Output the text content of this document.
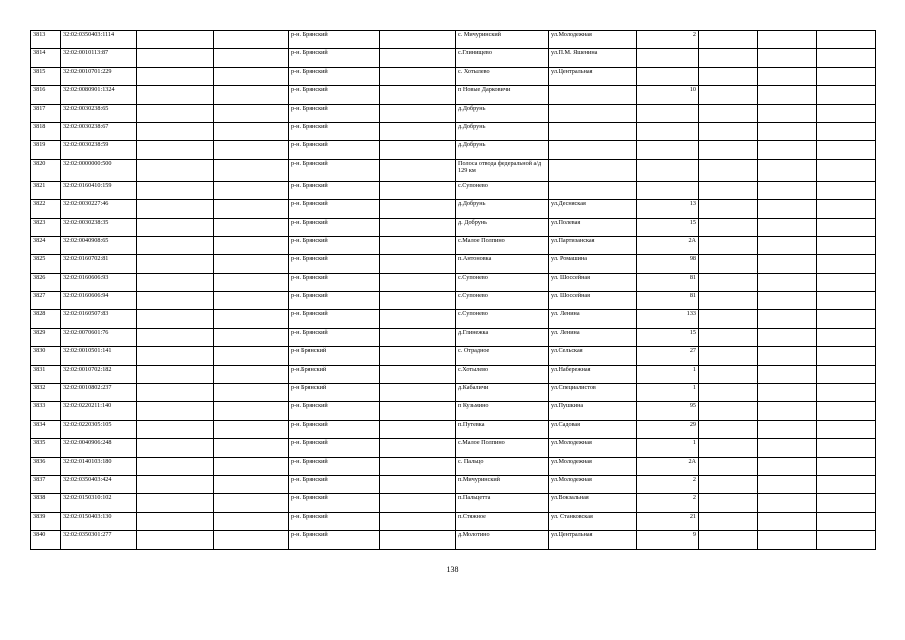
3813	32:02:0350403:1114			р-н. Брянский		с. Мичуринский	ул.Молодежная	2			
3814	32:02:0010113:87			р-н. Брянский		с.Глинищево	ул.П.М. Яшенина				
3815	32:02:0010701:229			р-н. Брянский		с. Хотылево	ул.Центральная				
3816	32:02:0080901:1324			р-н. Брянский		п Новые Дарковичи		10			
3817	32:02:0030238:65			р-н. Брянский		д.Добрунь					
3818	32:02:0030238:67			р-н. Брянский		д.Добрунь					
3819	32:02:0030238:59			р-н. Брянский		д.Добрунь					
3820	32:02:0000000:500			р-н. Брянский		Полоса отвода федеральной а/д 129 км					
3821	32:02:0160410:159			р-н. Брянский		с.Супонево					
3822	32:02:0030227:46			р-н. Брянский		д.Добрунь	ул.Десняская	13			
3823	32:02:0030238:35			р-н. Брянский		д. Добрунь	ул.Полевая	15			
3824	32:02:0040908:65			р-н. Брянский		с.Малое Полпино	ул.Партизанская	2А			
3825	32:02:0160702:81			р-н. Брянский		п.Антоновка	ул. Ромашина	98			
3826	32:02:0160606:93			р-н. Брянский		с.Супонево	ул. Шоссейная	81			
3827	32:02:0160606:94			р-н. Брянский		с.Супонево	ул. Шоссейная	81			
3828	32:02:0160507:83			р-н. Брянский		с.Супонево	ул. Ленина	133			
3829	32:02:0070601:76			р-н. Брянский		д.Глинежка	ул. Ленина	15			
3830	32:02:0010501:141			р-н Брянский		с. Отрадное	ул.Сельская	27			
3831	32:02:0010702:182			р-н.Брянский		с.Хотылево	ул.Набережная	1			
3832	32:02:0010802:237			р-н Брянский		д.Кабаличи	ул.Специалистов	1			
3833	32:02:0220211:140			р-н. Брянский		п Кузьмино	ул.Пушкина	95			
3834	32:02:0220305:105			р-н. Брянский		п.Путевка	ул.Садовая	29			
3835	32:02:0040906:248			р-н. Брянский		с.Малое Полпино	ул.Молодежная	1			
3836	32:02:0140103:180			р-н. Брянский		с. Пальцо	ул.Молодежная	2А			
3837	32:02:0350403:424			р-н. Брянский		п.Мичуринский	ул.Молодежная	2			
3838	32:02:0150310:102			р-н. Брянский		п.Пальцетта	ул.Вокзальная	2			
3839	32:02:0150403:130			р-н. Брянский		п.Стяжное	ул. Станковская	21			
3840	32:02:0350301:277			р-н. Брянский		д.Молотино	ул.Центральная	9			
138
